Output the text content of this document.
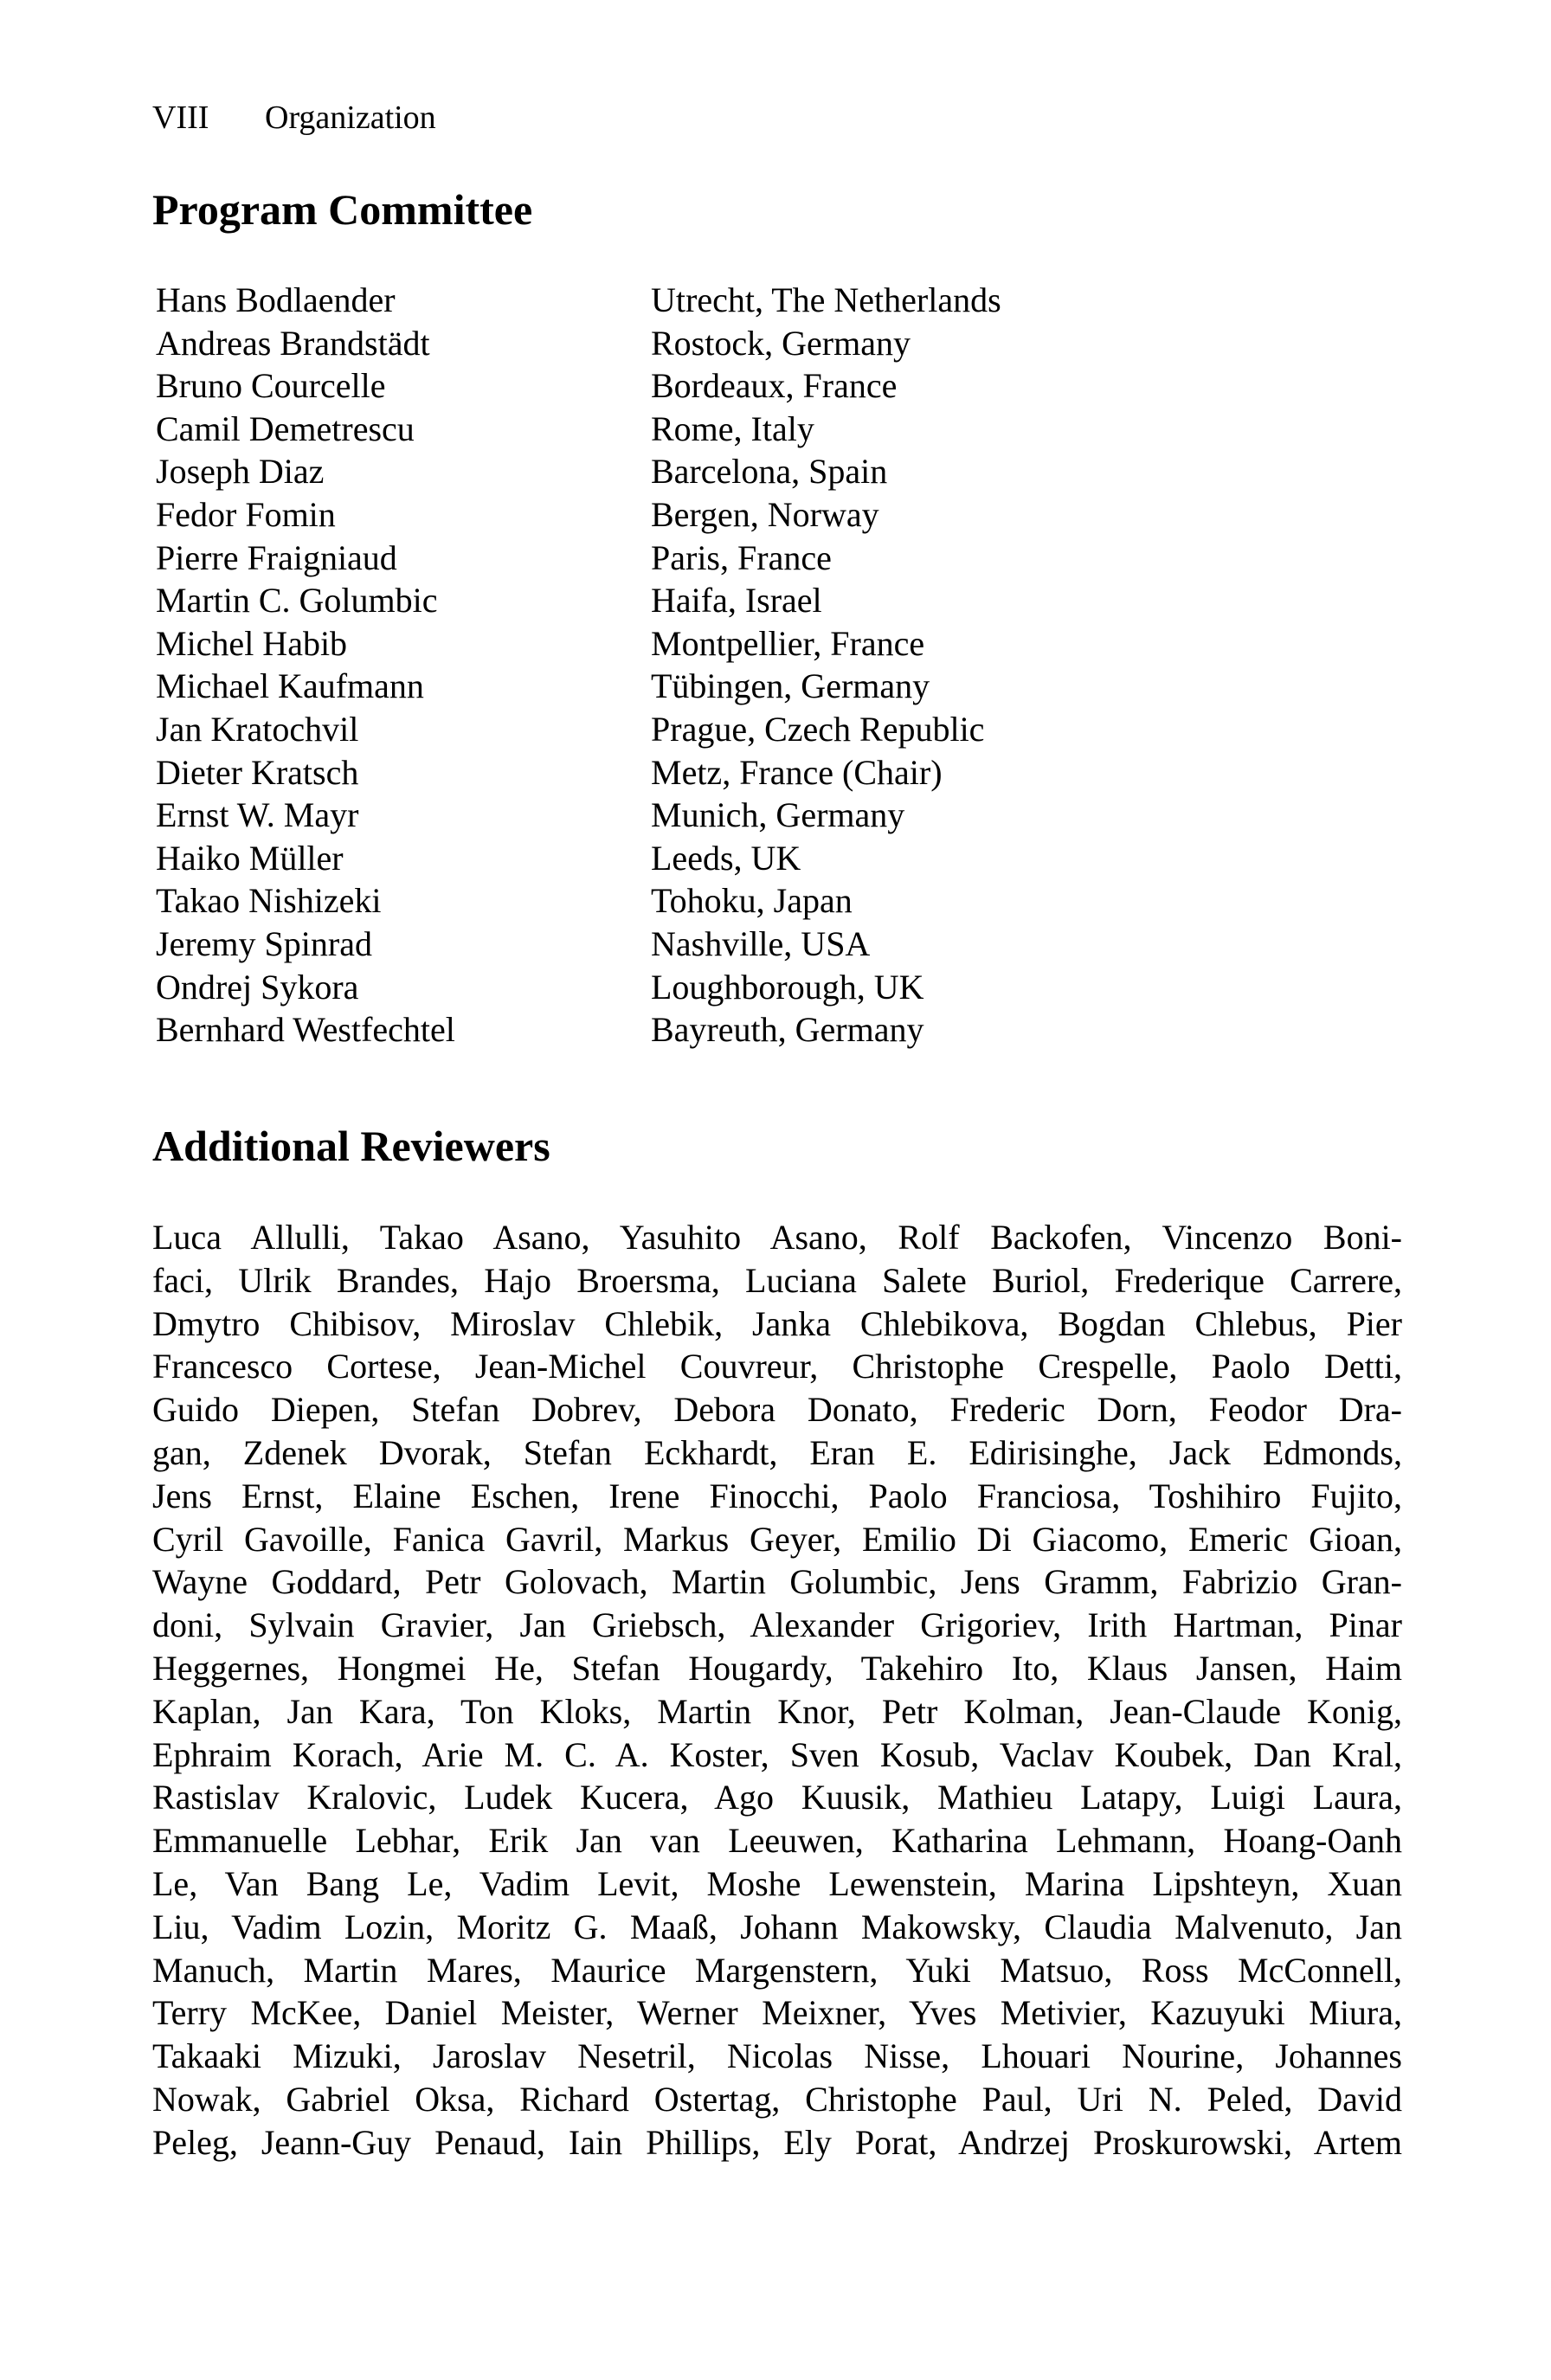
VIII Organization
Program Committee
Hans Bodlaender	Utrecht, The Netherlands
Andreas Brandstädt	Rostock, Germany
Bruno Courcelle	Bordeaux, France
Camil Demetrescu	Rome, Italy
Joseph Diaz	Barcelona, Spain
Fedor Fomin	Bergen, Norway
Pierre Fraigniaud	Paris, France
Martin C. Golumbic	Haifa, Israel
Michel Habib	Montpellier, France
Michael Kaufmann	Tübingen, Germany
Jan Kratochvil	Prague, Czech Republic
Dieter Kratsch	Metz, France (Chair)
Ernst W. Mayr	Munich, Germany
Haiko Müller	Leeds, UK
Takao Nishizeki	Tohoku, Japan
Jeremy Spinrad	Nashville, USA
Ondrej Sykora	Loughborough, UK
Bernhard Westfechtel	Bayreuth, Germany
Additional Reviewers
Luca Allulli, Takao Asano, Yasuhito Asano, Rolf Backofen, Vincenzo Boni-
faci, Ulrik Brandes, Hajo Broersma, Luciana Salete Buriol, Frederique Carrere,
Dmytro Chibisov, Miroslav Chlebik, Janka Chlebikova, Bogdan Chlebus, Pier
Francesco Cortese, Jean-Michel Couvreur, Christophe Crespelle, Paolo Detti,
Guido Diepen, Stefan Dobrev, Debora Donato, Frederic Dorn, Feodor Dra-
gan, Zdenek Dvorak, Stefan Eckhardt, Eran E. Edirisinghe, Jack Edmonds,
Jens Ernst, Elaine Eschen, Irene Finocchi, Paolo Franciosa, Toshihiro Fujito,
Cyril Gavoille, Fanica Gavril, Markus Geyer, Emilio Di Giacomo, Emeric Gioan,
Wayne Goddard, Petr Golovach, Martin Golumbic, Jens Gramm, Fabrizio Gran-
doni, Sylvain Gravier, Jan Griebsch, Alexander Grigoriev, Irith Hartman, Pinar
Heggernes, Hongmei He, Stefan Hougardy, Takehiro Ito, Klaus Jansen, Haim
Kaplan, Jan Kara, Ton Kloks, Martin Knor, Petr Kolman, Jean-Claude Konig,
Ephraim Korach, Arie M. C. A. Koster, Sven Kosub, Vaclav Koubek, Dan Kral,
Rastislav Kralovic, Ludek Kucera, Ago Kuusik, Mathieu Latapy, Luigi Laura,
Emmanuelle Lebhar, Erik Jan van Leeuwen, Katharina Lehmann, Hoang-Oanh
Le, Van Bang Le, Vadim Levit, Moshe Lewenstein, Marina Lipshteyn, Xuan
Liu, Vadim Lozin, Moritz G. Maaß, Johann Makowsky, Claudia Malvenuto, Jan
Manuch, Martin Mares, Maurice Margenstern, Yuki Matsuo, Ross McConnell,
Terry McKee, Daniel Meister, Werner Meixner, Yves Metivier, Kazuyuki Miura,
Takaaki Mizuki, Jaroslav Nesetril, Nicolas Nisse, Lhouari Nourine, Johannes
Nowak, Gabriel Oksa, Richard Ostertag, Christophe Paul, Uri N. Peled, David
Peleg, Jeann-Guy Penaud, Iain Phillips, Ely Porat, Andrzej Proskurowski, Artem
